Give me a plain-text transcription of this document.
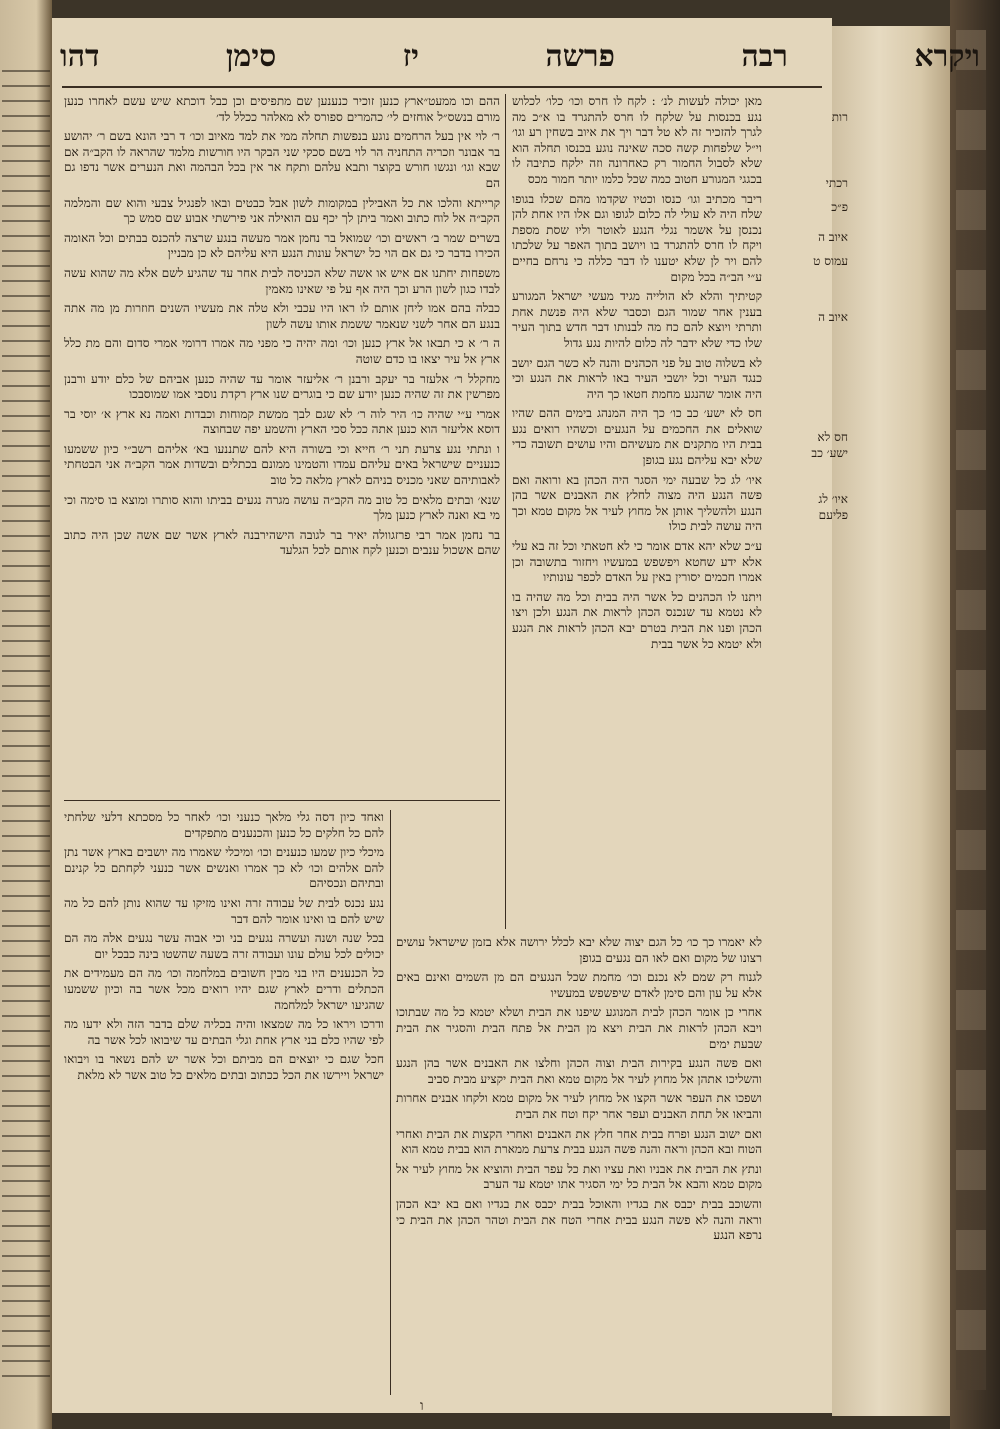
ויקרא
רבה
פרשה
יז
סימן
דהו
רות
רכתי
פ״כ
איוב ה
עמוס ט
איוב ה
חס לא
ישע׳ כב
איו׳ לג
פליעם

מאן יכולה לעשות לנ׳ : לקח לו חרס וכו׳ כלו׳ לכלוש נגע בכנסות על שלקח לו חרס להתגרד בו א״כ מה לגרך להזכיר זה לא טל דבר ויך את איוב בשחין רע וגו׳ וי״ל שלפחות קשה סכה שאינה נוגע בכנסו תחלה הוא שלא לסבול החמור רק כאחרונה וזה ילקח כתיבה לו בכגגי המגורע חטוב כמה שכל כלמו יותר חמור מכס

ריבר מכתיב וגו׳ כנסו וכטיו שקדמו מהם שכלו בגופו שלח היה לא עולי לה כלום לגופו וגם אלו היו אחת להן נכנסן על אשמר נגלי הנגע לאוטר וליו שסת מספת ויקח לו חרס להתגרד בו ויושב בתוך האפר על שלכתו להם ויר לן שלא יטענו לו דבר כללה כי נרחם בחיים ע״י הב״ה בכל מקום

קטיתיך והלא לא הולייה מגיד מעשי ישראל המגורע בענין אחר שמור הגם וכסבר שלא היה פנשת אחת ותרתי ויוצא להם כח מה לבנותו דבר חדש בתוך העיר שלו כדי שלא ידבר לה כלום להיות נגע גדול

לא בשלוה טוב על פני הכהנים והנה לא כשר הגם יושב כנגד העיר וכל יושבי העיר באו לראות את הנגע וכי היה אומר שהנגע מחמת חטאו כך היה

חס לא ישע׳ כב כו׳ כך היה המנהג בימים ההם שהיו שואלים את החכמים על הנגעים וכשהיו רואים נגע בבית היו מתקנים את מעשיהם והיו עושים תשובה כדי שלא יבא עליהם נגע בגופן

איו׳ לג כל שבעה ימי הסגר היה הכהן בא ורואה ואם פשה הנגע היה מצוה לחלץ את האבנים אשר בהן הנגע ולהשליך אותן אל מחוץ לעיר אל מקום טמא וכך היה עושה לבית כולו

ע״כ שלא יהא אדם אומר כי לא חטאתי וכל זה בא עלי אלא ידע שחטא ויפשפש במעשיו ויחזור בתשובה וכן אמרו חכמים יסורין באין על האדם לכפר עונותיו

ויתנו לו הכהנים כל אשר היה בבית וכל מה שהיה בו לא נטמא עד שנכנס הכהן לראות את הנגע ולכן ויצו הכהן ופנו את הבית בטרם יבא הכהן לראות את הנגע ולא יטמא כל אשר בבית

ההם וכו ממעט״ארץ כנען זוכיר כנענען שם מתפיסים וכן כבל דוכתא שיש עשם לאחרו כנען מורם בנשס״ל אוחזים לי׳ כהמרים ספורס לא מאלהר ככלל לד׳

ר׳ לוי אין בעל הרחמים נוגע בנפשות תחלה ממי את למד מאיוב וכו׳ ד רבי הונא בשם ר׳ יהושע בר אבונר וזכריה התחניה הר לוי בשם סכקי שני הבקר היו חורשות מלמד שהראה לו הקב״ה אם שבא וגו׳ ונגשו חורש בקוצר ותבא עלהם ותקח אר אין בכל הבהמה ואת הנערים אשר נדפו גם הם

קרייתא והלכו את כל האבילין במקומות לשון אבל כבטים ובאו לפנגיל צבעי והוא שם והמלמה הקב״ה אל לוח כתוב ואמר ביתן לך יכף עם הואילה אני פירשתי אבוע שם סמש כך

בשרים שמר ב׳ ראשים וכו׳ שמואל בר נחמן אמר מעשה בנגע שרצה להכנס בבתים וכל האומה הכירו בדבר כי גם אם הוי כל ישראל עונות הנגע היא עליהם לא כן מבניין

משפחות יחתנו אם איש או אשה שלא הכניסה לבית אחר עד שהגיע לשם אלא מה שהוא עשה לבדו כגון לשון הרע וכך היה אף על פי שאינו מאמין

כבלה בהם אמו ליחן אותם לו ראו היו עכבי ולא טלה את מעשיו השנים חוזרות מן מה אתה בנגע הם אחר לשני שנאמר ששמת אותו עשה לשון

ה ר׳ א כי תבאו אל ארץ כנען וכו׳ ומה יהיה כי מפני מה אמרו דרומי אמרי סדום והם מת כלל ארץ אל עיר יצאו בו כדם שוטה

מחקלל ר׳ אלעזר בר יעקב ורבנן ר׳ אליעזר אומר עד שהיה כנען אביהם של כלם יודע ורבנן מפרשין את זה שהיה כנען יודע שם כי בוגרים שנו ארץ רקדת נוסבי אמו שמוסבכו

אמרי ע״י שהיה כו׳ היר לוה ר׳ לא שגם לבך ממשת קמוחות וכבדות ואמה נא ארץ א׳ יוסי בר דוסא אליעזר הוא כנען אתה ככל סכי הארץ והשמע יפה שבחוצה

ו ונתתי נגע צרעת תני ר׳ חייא וכי בשורה היא להם שתננעו בא׳ אליהם רשב״י כיון ששמעו כנעניים שישראל באים עליהם עמדו והטמינו ממונם בכתלים ובשדות אמר הקב״ה אני הבטחתי לאבותיהם שאני מכניס בניהם לארץ מלאה כל טוב

שנא׳ ובתים מלאים כל טוב מה הקב״ה עושה מגרה נגעים בביתו והוא סותרו ומוצא בו סימה וכי מי בא ואנה לארץ כנען מלך

בר נחמן אמר רבי פרזגוולה יאיר בר לגובה הישהירבנה לארץ אשר שם אשה שכן היה כתוב שהם אשכול ענבים וכנען לקח אותם לכל הגלעד

ואחד כיון דסה גלי מלאך כנעני וכו׳ לאחר כל מסכתא דלעי שלחתי להם כל חלקים כל כנען והכנענים מתפקדים

מיכלי כיון שמעו כנענים וכו׳ ומיכלי שאמרו מה יושבים בארץ אשר נתן להם אלהים וכו׳ לא כך אמרו ואנשים אשר כנעני לקחתם כל קנינם ובתיהם ונכסיהם

נגע נכנס לבית של עבודה זרה ואינו מזיקו עד שהוא נותן להם כל מה שיש להם בו ואינו אומר להם דבר

בכל שנה ושנה ועשרה נגעים בני וכי אבוה עשר נגעים אלה מה הם יכולים לכל עולם עונו ועבודה זרה בשעה שהשטו בינה כבכל יום

כל הכנענים היו בני מבין חשובים במלחמה וכו׳ מה הם מעמידים את הכתלים ודרים לארץ שגם יהיו רואים מכל אשר בה וכיון ששמעו שהגיעו ישראל למלחמה

ודרכו ויראו כל מה שמצאו והיה בכליה שלם בדבר הזה ולא ידעו מה לפי שהיו כלם בני ארץ אחת וגלי הבתים עד שיבואו לכל אשר בה

חכל שגם כי יוצאים הם מביתם וכל אשר יש להם נשאר בו ויבואו ישראל ויירשו את הכל ככתוב ובתים מלאים כל טוב אשר לא מלאת

לא יאמרו כך כו׳ כל הגם יצוה שלא יבא לכלל ירושה אלא בזמן שישראל עושים רצונו של מקום ואם לאו הם נגעים בגופן

לגנוח רק שמם לא נכנם וכו׳ מחמת שכל הנגעים הם מן השמים ואינם באים אלא על עון והם סימן לאדם שיפשפש במעשיו

אחרי כן אומר הכהן לבית המנוגע שיפנו את הבית ושלא יטמא כל מה שבתוכו ויבא הכהן לראות את הבית ויצא מן הבית אל פתח הבית והסגיר את הבית שבעת ימים

ואם פשה הנגע בקירות הבית וצוה הכהן וחלצו את האבנים אשר בהן הנגע והשליכו אתהן אל מחוץ לעיר אל מקום טמא ואת הבית יקציע מבית סביב

ושפכו את העפר אשר הקצו אל מחוץ לעיר אל מקום טמא ולקחו אבנים אחרות והביאו אל תחת האבנים ועפר אחר יקח וטח את הבית

ואם ישוב הנגע ופרח בבית אחר חלץ את האבנים ואחרי הקצות את הבית ואחרי הטוח ובא הכהן וראה והנה פשה הנגע בבית צרעת ממארת הוא בבית טמא הוא

ונתץ את הבית את אבניו ואת עציו ואת כל עפר הבית והוציא אל מחוץ לעיר אל מקום טמא והבא אל הבית כל ימי הסגיר אתו יטמא עד הערב

והשוכב בבית יכבס את בגדיו והאוכל בבית יכבס את בגדיו ואם בא יבא הכהן וראה והנה לא פשה הנגע בבית אחרי הטח את הבית וטהר הכהן את הבית כי נרפא הנגע

ו
